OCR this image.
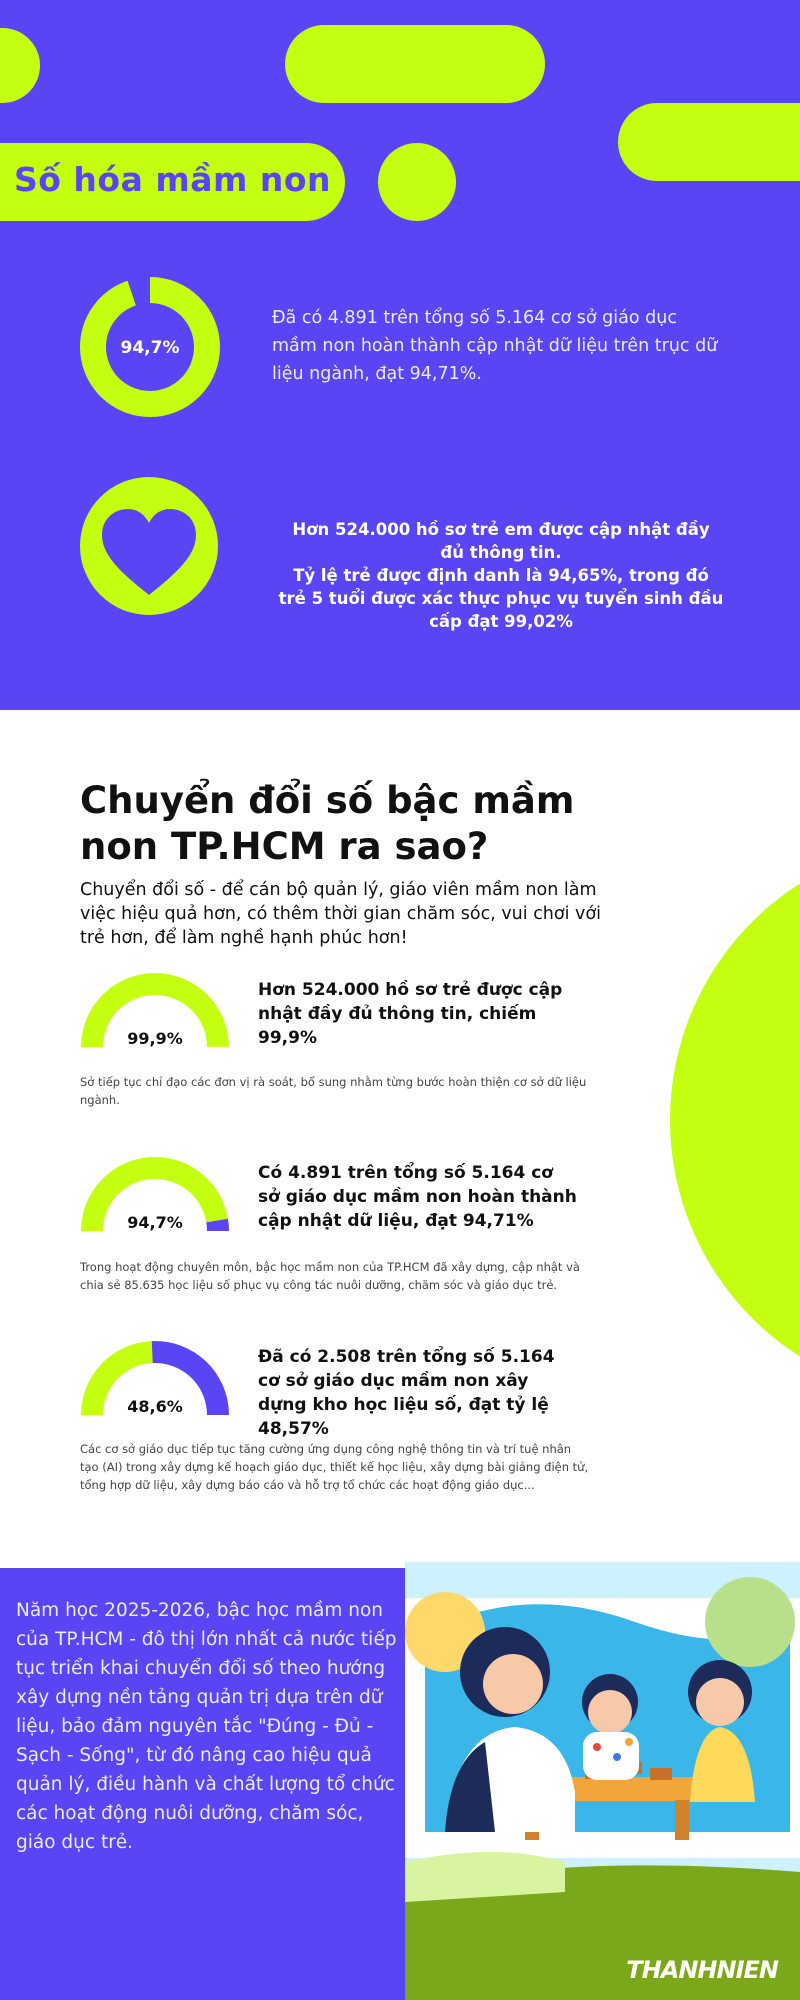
Số hóa mầm non
94,7%
Đã có 4.891 trên tổng số 5.164 cơ sở giáo dục mầm non hoàn thành cập nhật dữ liệu trên trục dữ liệu ngành, đạt 94,71%.
Hơn 524.000 hồ sơ trẻ em được cập nhật đầy đủ thông tin.
Tỷ lệ trẻ được định danh là 94,65%, trong đó trẻ 5 tuổi được xác thực phục vụ tuyển sinh đầu cấp đạt 99,02%
Chuyển đổi số bậc mầm non TP.HCM ra sao?
Chuyển đổi số - để cán bộ quản lý, giáo viên mầm non làm việc hiệu quả hơn, có thêm thời gian chăm sóc, vui chơi với trẻ hơn, để làm nghề hạnh phúc hơn!
99,9%
Hơn 524.000 hồ sơ trẻ được cập nhật đầy đủ thông tin, chiếm 99,9%
Sở tiếp tục chỉ đạo các đơn vị rà soát, bổ sung nhằm từng bước hoàn thiện cơ sở dữ liệu ngành.
94,7%
Có 4.891 trên tổng số 5.164 cơ sở giáo dục mầm non hoàn thành cập nhật dữ liệu, đạt 94,71%
Trong hoạt động chuyên môn, bậc học mầm non của TP.HCM đã xây dựng, cập nhật và chia sẻ 85.635 học liệu số phục vụ công tác nuôi dưỡng, chăm sóc và giáo dục trẻ.
48,6%
Đã có 2.508 trên tổng số 5.164 cơ sở giáo dục mầm non xây dựng kho học liệu số, đạt tỷ lệ 48,57%
Các cơ sở giáo dục tiếp tục tăng cường ứng dụng công nghệ thông tin và trí tuệ nhân tạo (AI) trong xây dựng kế hoạch giáo dục, thiết kế học liệu, xây dựng bài giảng điện tử, tổng hợp dữ liệu, xây dựng báo cáo và hỗ trợ tổ chức các hoạt động giáo dục...
Năm học 2025-2026, bậc học mầm non của TP.HCM - đô thị lớn nhất cả nước tiếp tục triển khai chuyển đổi số theo hướng xây dựng nền tảng quản trị dựa trên dữ liệu, bảo đảm nguyên tắc "Đúng - Đủ - Sạch - Sống", từ đó nâng cao hiệu quả quản lý, điều hành và chất lượng tổ chức các hoạt động nuôi dưỡng, chăm sóc, giáo dục trẻ.
THANHNIEN
